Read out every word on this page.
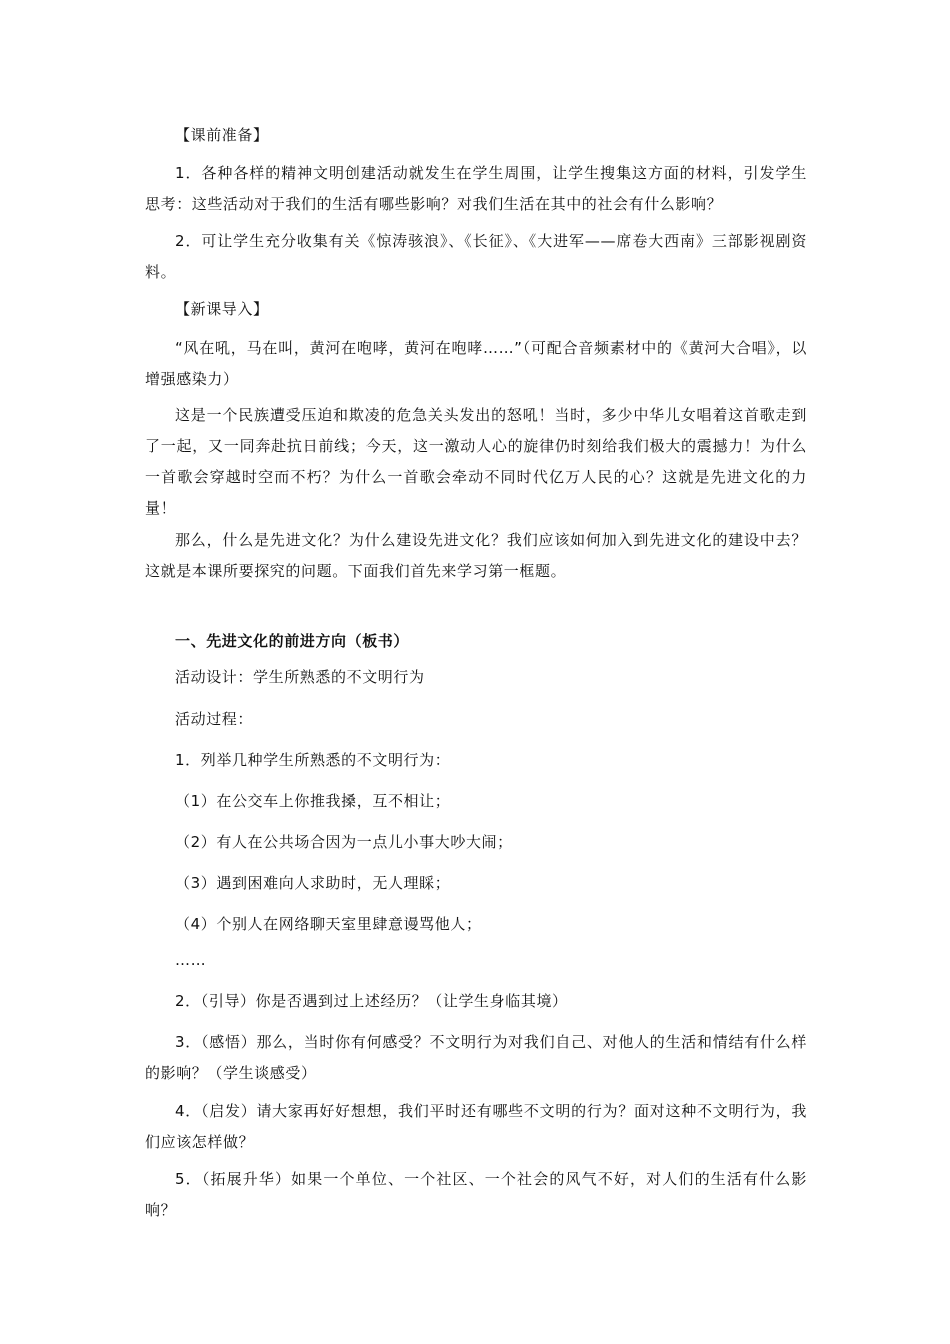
【课前准备】

1．各种各样的精神文明创建活动就发生在学生周围，让学生搜集这方面的材料，引发学生思考：这些活动对于我们的生活有哪些影响？对我们生活在其中的社会有什么影响？

2．可让学生充分收集有关《惊涛骇浪》、《长征》、《大进军——席卷大西南》三部影视剧资料。

【新课导入】

“风在吼，马在叫，黄河在咆哮，黄河在咆哮……”（可配合音频素材中的《黄河大合唱》，以增强感染力）

这是一个民族遭受压迫和欺凌的危急关头发出的怒吼！当时，多少中华儿女唱着这首歌走到了一起，又一同奔赴抗日前线；今天，这一激动人心的旋律仍时刻给我们极大的震撼力！为什么一首歌会穿越时空而不朽？为什么一首歌会牵动不同时代亿万人民的心？这就是先进文化的力量！

那么，什么是先进文化？为什么建设先进文化？我们应该如何加入到先进文化的建设中去？这就是本课所要探究的问题。下面我们首先来学习第一框题。

一、先进文化的前进方向（板书）

活动设计：学生所熟悉的不文明行为

活动过程：

1．列举几种学生所熟悉的不文明行为：

（1）在公交车上你推我搡，互不相让；

（2）有人在公共场合因为一点儿小事大吵大闹；

（3）遇到困难向人求助时，无人理睬；

（4）个别人在网络聊天室里肆意谩骂他人；

……

2．（引导）你是否遇到过上述经历？（让学生身临其境）

3．（感悟）那么，当时你有何感受？不文明行为对我们自己、对他人的生活和情结有什么样的影响？（学生谈感受）

4．（启发）请大家再好好想想，我们平时还有哪些不文明的行为？面对这种不文明行为，我们应该怎样做？

5．（拓展升华）如果一个单位、一个社区、一个社会的风气不好，对人们的生活有什么影响？
